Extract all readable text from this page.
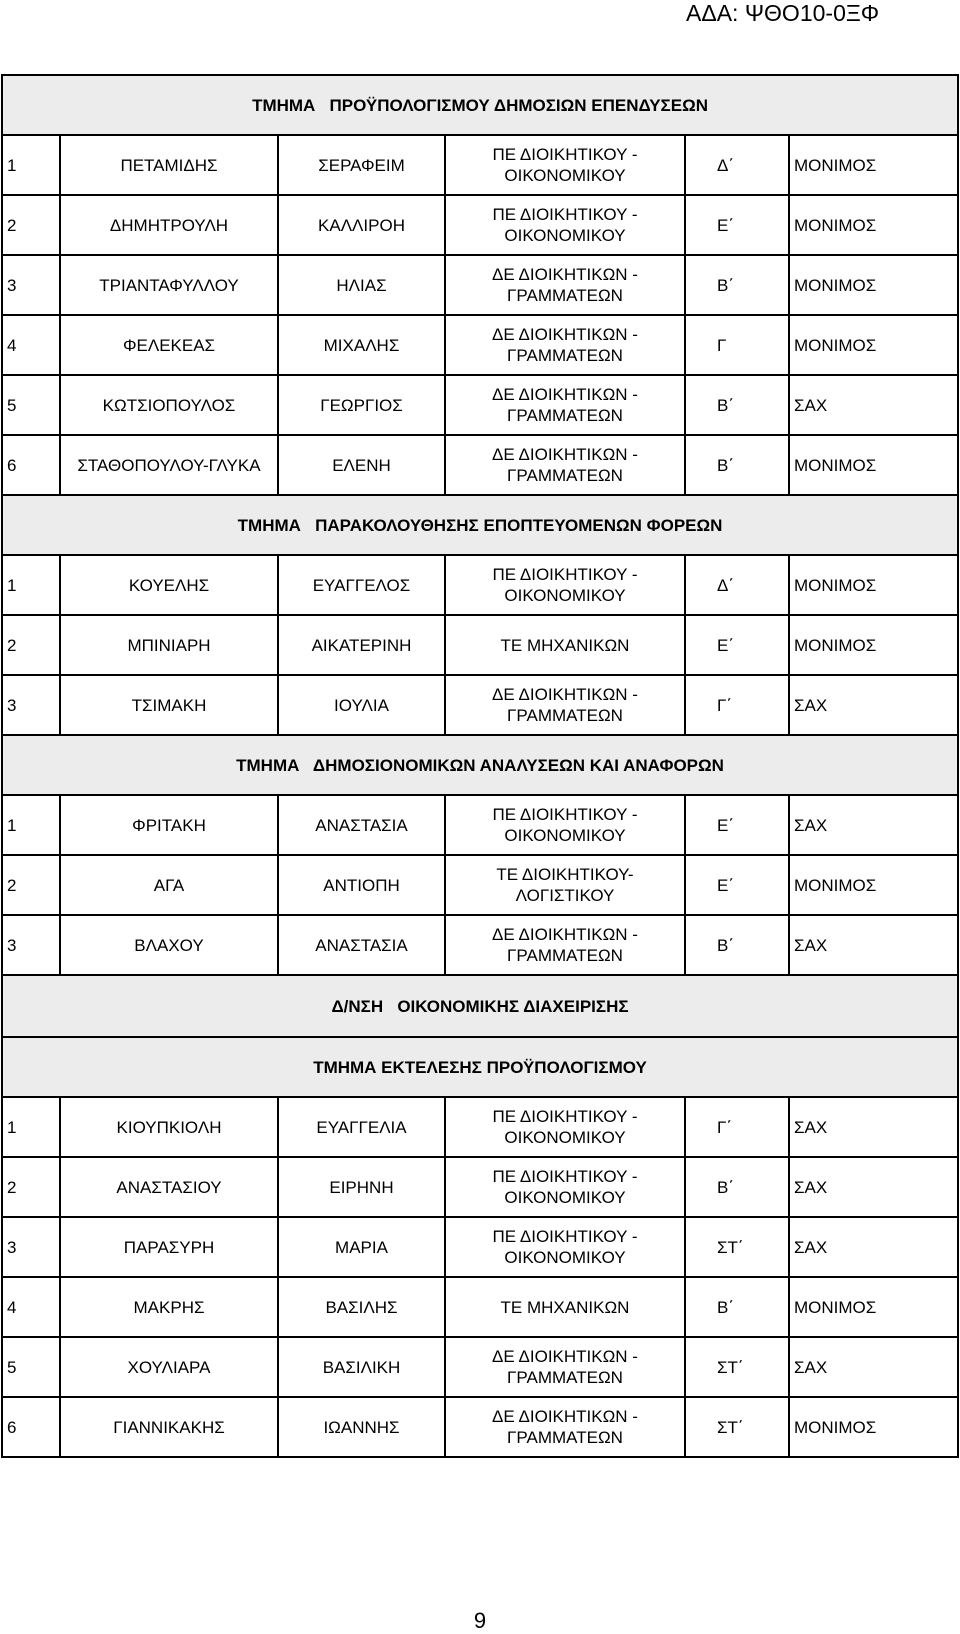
ΑΔΑ: ΨΘΟ10-0ΞΦ
ΤΜΗΜΑ   ΠΡΟΫΠΟΛΟΓΙΣΜΟΥ ΔΗΜΟΣΙΩΝ ΕΠΕΝΔΥΣΕΩΝ					
1	ΠΕΤΑΜΙΔΗΣ	ΣΕΡΑΦΕΙΜ	ΠΕ ΔΙΟΙΚΗΤΙΚΟΥ -
ΟΙΚΟΝΟΜΙΚΟΥ	Δ΄	ΜΟΝΙΜΟΣ
2	ΔΗΜΗΤΡΟΥΛΗ	ΚΑΛΛΙΡΟΗ	ΠΕ ΔΙΟΙΚΗΤΙΚΟΥ -
ΟΙΚΟΝΟΜΙΚΟΥ	Ε΄	ΜΟΝΙΜΟΣ
3	ΤΡΙΑΝΤΑΦΥΛΛΟΥ	ΗΛΙΑΣ	ΔΕ ΔΙΟΙΚΗΤΙΚΩΝ -
ΓΡΑΜΜΑΤΕΩΝ	Β΄	ΜΟΝΙΜΟΣ
4	ΦΕΛΕΚΕΑΣ	ΜΙΧΑΛΗΣ	ΔΕ ΔΙΟΙΚΗΤΙΚΩΝ -
ΓΡΑΜΜΑΤΕΩΝ	Γ	ΜΟΝΙΜΟΣ
5	ΚΩΤΣΙΟΠΟΥΛΟΣ	ΓΕΩΡΓΙΟΣ	ΔΕ ΔΙΟΙΚΗΤΙΚΩΝ -
ΓΡΑΜΜΑΤΕΩΝ	Β΄	ΣΑΧ
6	ΣΤΑΘΟΠΟΥΛΟΥ-ΓΛΥΚΑ	ΕΛΕΝΗ	ΔΕ ΔΙΟΙΚΗΤΙΚΩΝ -
ΓΡΑΜΜΑΤΕΩΝ	Β΄	ΜΟΝΙΜΟΣ
ΤΜΗΜΑ   ΠΑΡΑΚΟΛΟΥΘΗΣΗΣ ΕΠΟΠΤΕΥΟΜΕΝΩΝ ΦΟΡΕΩΝ					
1	ΚΟΥΕΛΗΣ	ΕΥΑΓΓΕΛΟΣ	ΠΕ ΔΙΟΙΚΗΤΙΚΟΥ -
ΟΙΚΟΝΟΜΙΚΟΥ	Δ΄	ΜΟΝΙΜΟΣ
2	ΜΠΙΝΙΑΡΗ	ΑΙΚΑΤΕΡΙΝΗ	ΤΕ ΜΗΧΑΝΙΚΩΝ	Ε΄	ΜΟΝΙΜΟΣ
3	ΤΣΙΜΑΚΗ	ΙΟΥΛΙΑ	ΔΕ ΔΙΟΙΚΗΤΙΚΩΝ -
ΓΡΑΜΜΑΤΕΩΝ	Γ΄	ΣΑΧ
ΤΜΗΜΑ   ΔΗΜΟΣΙΟΝΟΜΙΚΩΝ ΑΝΑΛΥΣΕΩΝ ΚΑΙ ΑΝΑΦΟΡΩΝ					
1	ΦΡΙΤΑΚΗ	ΑΝΑΣΤΑΣΙΑ	ΠΕ ΔΙΟΙΚΗΤΙΚΟΥ -
ΟΙΚΟΝΟΜΙΚΟΥ	Ε΄	ΣΑΧ
2	ΑΓΑ	ΑΝΤΙΟΠΗ	ΤΕ ΔΙΟΙΚΗΤΙΚΟΥ-
ΛΟΓΙΣΤΙΚΟΥ	Ε΄	ΜΟΝΙΜΟΣ
3	ΒΛΑΧΟΥ	ΑΝΑΣΤΑΣΙΑ	ΔΕ ΔΙΟΙΚΗΤΙΚΩΝ -
ΓΡΑΜΜΑΤΕΩΝ	Β΄	ΣΑΧ
Δ/ΝΣΗ   ΟΙΚΟΝΟΜΙΚΗΣ ΔΙΑΧΕΙΡΙΣΗΣ					
ΤΜΗΜΑ ΕΚΤΕΛΕΣΗΣ ΠΡΟΫΠΟΛΟΓΙΣΜΟΥ					
1	ΚΙΟΥΠΚΙΟΛΗ	ΕΥΑΓΓΕΛΙΑ	ΠΕ ΔΙΟΙΚΗΤΙΚΟΥ -
ΟΙΚΟΝΟΜΙΚΟΥ	Γ΄	ΣΑΧ
2	ΑΝΑΣΤΑΣΙΟΥ	ΕΙΡΗΝΗ	ΠΕ ΔΙΟΙΚΗΤΙΚΟΥ -
ΟΙΚΟΝΟΜΙΚΟΥ	Β΄	ΣΑΧ
3	ΠΑΡΑΣΥΡΗ	ΜΑΡΙΑ	ΠΕ ΔΙΟΙΚΗΤΙΚΟΥ -
ΟΙΚΟΝΟΜΙΚΟΥ	ΣΤ΄	ΣΑΧ
4	ΜΑΚΡΗΣ	ΒΑΣΙΛΗΣ	ΤΕ ΜΗΧΑΝΙΚΩΝ	Β΄	ΜΟΝΙΜΟΣ
5	ΧΟΥΛΙΑΡΑ	ΒΑΣΙΛΙΚΗ	ΔΕ ΔΙΟΙΚΗΤΙΚΩΝ -
ΓΡΑΜΜΑΤΕΩΝ	ΣΤ΄	ΣΑΧ
6	ΓΙΑΝΝΙΚΑΚΗΣ	ΙΩΑΝΝΗΣ	ΔΕ ΔΙΟΙΚΗΤΙΚΩΝ -
ΓΡΑΜΜΑΤΕΩΝ	ΣΤ΄	ΜΟΝΙΜΟΣ
9
